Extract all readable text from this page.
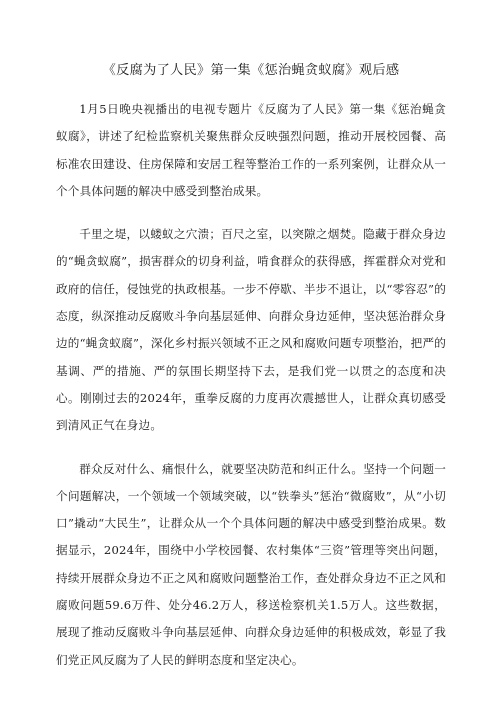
《反腐为了人民》第一集《惩治蝇贪蚁腐》观后感

1月5日晚央视播出的电视专题片《反腐为了人民》第一集《惩治蝇贪蚁腐》，讲述了纪检监察机关聚焦群众反映强烈问题，推动开展校园餐、高标准农田建设、住房保障和安居工程等整治工作的一系列案例，让群众从一个个具体问题的解决中感受到整治成果。

千里之堤，以蝼蚁之穴溃；百尺之室，以突隙之烟焚。隐藏于群众身边的“蝇贪蚁腐”，损害群众的切身利益，啃食群众的获得感，挥霍群众对党和政府的信任，侵蚀党的执政根基。一步不停歇、半步不退让，以“零容忍”的态度，纵深推动反腐败斗争向基层延伸、向群众身边延伸，坚决惩治群众身边的“蝇贪蚁腐”，深化乡村振兴领域不正之风和腐败问题专项整治，把严的基调、严的措施、严的氛围长期坚持下去，是我们党一以贯之的态度和决心。刚刚过去的2024年，重拳反腐的力度再次震撼世人，让群众真切感受到清风正气在身边。

群众反对什么、痛恨什么，就要坚决防范和纠正什么。坚持一个问题一个问题解决，一个领域一个领域突破，以“铁拳头”惩治“微腐败”，从“小切口”撬动“大民生”，让群众从一个个具体问题的解决中感受到整治成果。数据显示，2024年，围绕中小学校园餐、农村集体“三资”管理等突出问题，持续开展群众身边不正之风和腐败问题整治工作，查处群众身边不正之风和腐败问题59.6万件、处分46.2万人，移送检察机关1.5万人。这些数据，展现了推动反腐败斗争向基层延伸、向群众身边延伸的积极成效，彰显了我们党正风反腐为了人民的鲜明态度和坚定决心。
